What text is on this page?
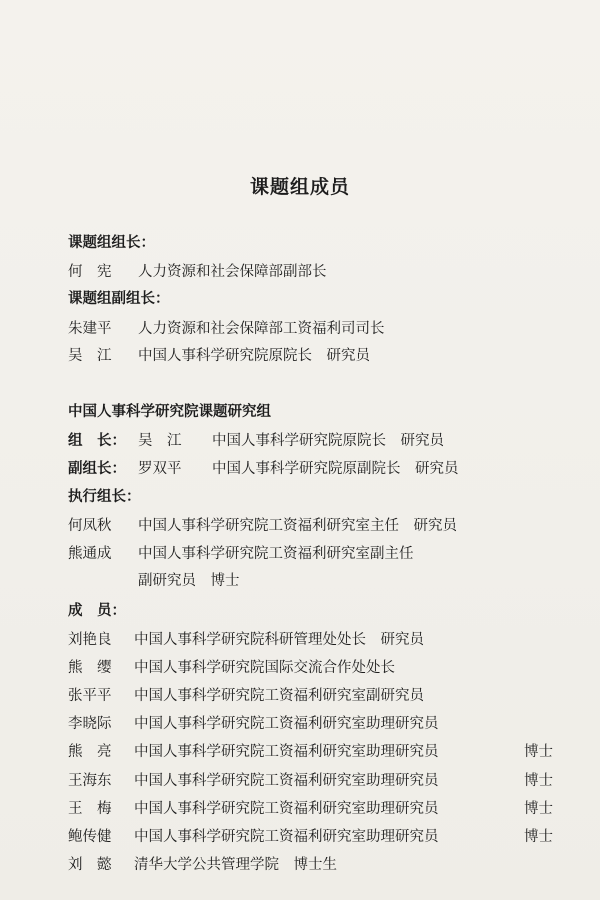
课题组成员
课题组组长：
何　宪 人力资源和社会保障部副部长
课题组副组长：
朱建平 人力资源和社会保障部工资福利司司长
吴　江 中国人事科学研究院原院长　研究员
中国人事科学研究院课题研究组
组　长： 吴　江 中国人事科学研究院原院长　研究员
副组长： 罗双平 中国人事科学研究院原副院长　研究员
执行组长：
何凤秋 中国人事科学研究院工资福利研究室主任　研究员
熊通成 中国人事科学研究院工资福利研究室副主任
副研究员　博士
成　员：
刘艳良 中国人事科学研究院科研管理处处长　研究员
熊　缨 中国人事科学研究院国际交流合作处处长
张平平 中国人事科学研究院工资福利研究室副研究员
李晓际 中国人事科学研究院工资福利研究室助理研究员
熊　亮 中国人事科学研究院工资福利研究室助理研究员	博士
王海东 中国人事科学研究院工资福利研究室助理研究员	博士
王　梅 中国人事科学研究院工资福利研究室助理研究员	博士
鲍传健 中国人事科学研究院工资福利研究室助理研究员	博士
刘　懿 清华大学公共管理学院　博士生
